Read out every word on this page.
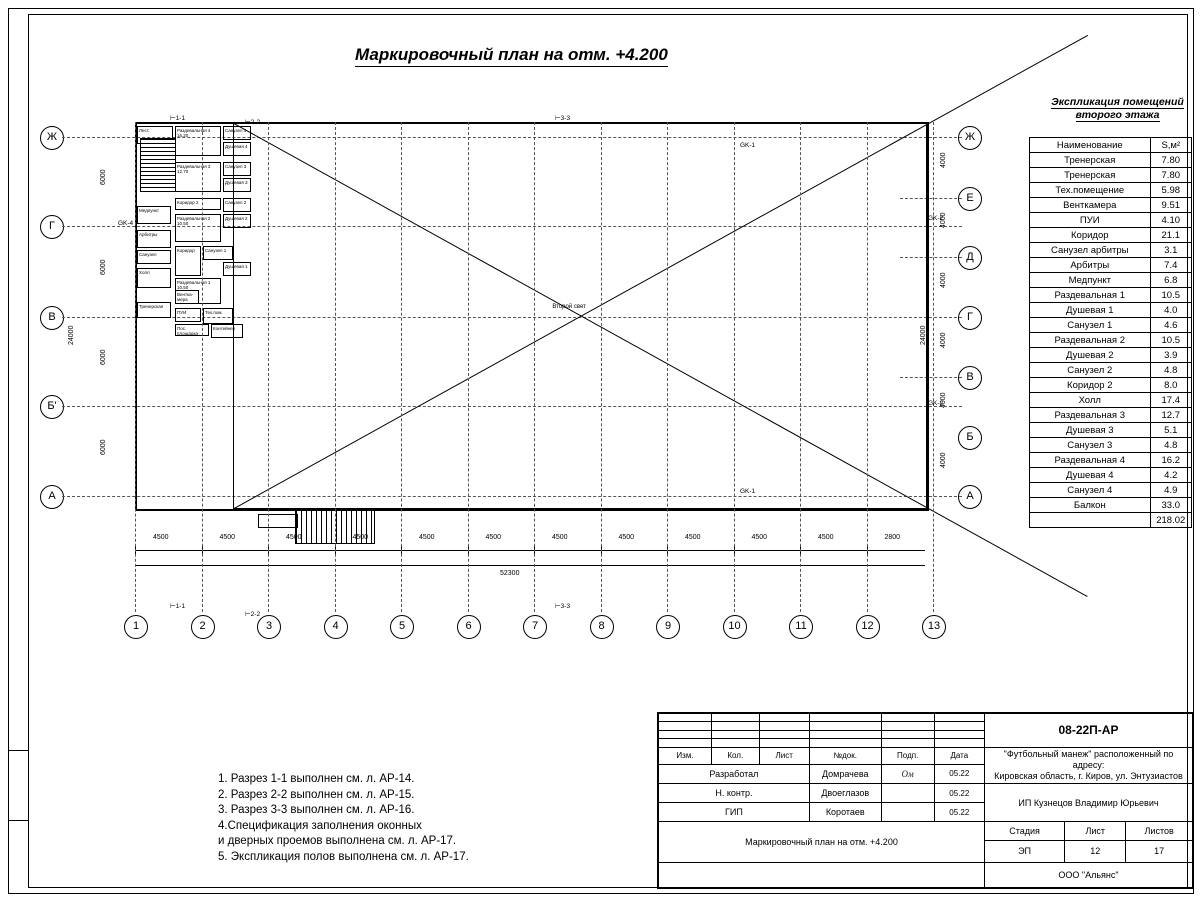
Маркировочный план на отм. +4.200
Экспликация помещений
второго этажа
Наименование	S,м²
Тренерская	7.80
Тренерская	7.80
Тех.помещение	5.98
Венткамера	9.51
ПУИ	4.10
Коридор	21.1
Санузел арбитры	3.1
Арбитры	7.4
Медпункт	6.8
Раздевальная 1	10.5
Душевая 1	4.0
Санузел 1	4.6
Раздевальная 2	10.5
Душевая 2	3.9
Санузел 2	4.8
Коридор 2	8.0
Холл	17.4
Раздевальная 3	12.7
Душевая 3	5.1
Санузел 3	4.8
Раздевальная 4	16.2
Душевая 4	4.2
Санузел 4	4.9
Балкон	33.0
	218.02
Ж
Г
В
Б'
А
Ж
Е
Д
Г
В
Б
А
Второй свет
Лест.	Раздевальная 4 16.20
Санузел 4
Душевая 4
Санузел 3
Раздевальная 3 12.70
Душевая 3
Коридор 2	Санузел 2
Раздевальная 2 10.50
Душевая 2
Медпункт
Арбитры
Санузел
Холл
Коридор	Санузел 1
Раздевальная 1 10.50
Душевая 1
ПУИ	Тех.пом.
Тренерская
Вентка- мера
Пос. площадка
Контейнер
4500	4500	4500	4500	4500	4500	4500	4500	4500	4500	4500	2800
52300
1	2	3	4	5	6	7	8	9	10	11	12	13
6000
6000
6000
6000
24000
4000
4000
4000
4000
4000
4000
24000
⊢1-1
⊢2-2
⊢3-3
⊢1-1
⊢2-2
⊢3-3
GK-1
GK-1
GK-2
GK-2
GK-4
1. Разрез 1-1 выполнен см. л. АР-14.
2. Разрез 2-2 выполнен см. л. АР-15.
3. Разрез 3-3 выполнен см. л. АР-16.
4.Спецификация заполнения оконных
и дверных проемов выполнена см. л. АР-17.
5. Экспликация полов выполнена см. л. АР-17.
						08-22П-АР		

Изм.	Кол.	Лист	№док.	Подп.	Дата	"Футбольный манеж" расположенный по адресу:
Кировская область, г. Киров, ул. Энтузиастов		
Разработал			Домрачева	Ом	05.22			
Н. контр.			Двоеглазов		05.22	ИП Кузнецов Владимир Юрьевич		
ГИП			Коротаев		05.22			
Маркировочный план на отм. +4.200						Стадия	Лист	Листов
						ЭП	12	17
						ООО "Альянс"		
